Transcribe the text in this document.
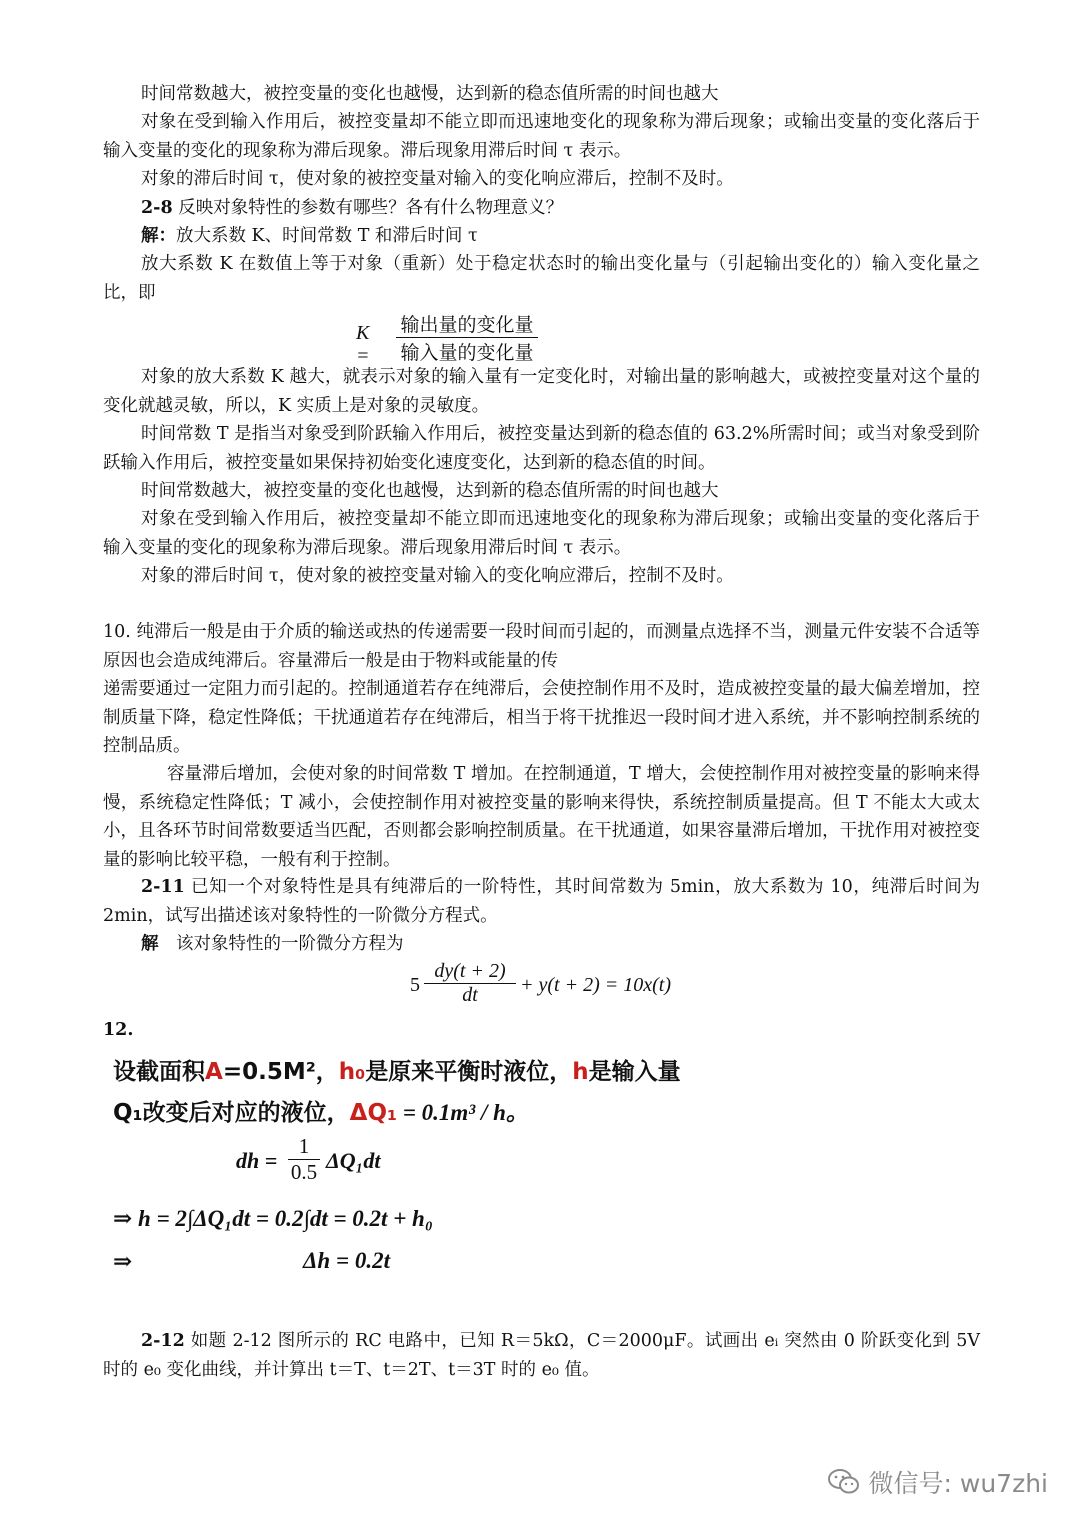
时间常数越大，被控变量的变化也越慢，达到新的稳态值所需的时间也越大

对象在受到输入作用后，被控变量却不能立即而迅速地变化的现象称为滞后现象；或输出变量的变化落后于输入变量的变化的现象称为滞后现象。滞后现象用滞后时间 τ 表示。

对象的滞后时间 τ，使对象的被控变量对输入的变化响应滞后，控制不及时。

2-8 反映对象特性的参数有哪些？各有什么物理意义？

解：放大系数 K、时间常数 T 和滞后时间 τ

放大系数 K 在数值上等于对象（重新）处于稳定状态时的输出变化量与（引起输出变化的）输入变化量之比，即

K =
输出量的变化量
输入量的变化量

对象的放大系数 K 越大，就表示对象的输入量有一定变化时，对输出量的影响越大，或被控变量对这个量的变化就越灵敏，所以，K 实质上是对象的灵敏度。

时间常数 T 是指当对象受到阶跃输入作用后，被控变量达到新的稳态值的 63.2%所需时间；或当对象受到阶跃输入作用后，被控变量如果保持初始变化速度变化，达到新的稳态值的时间。

时间常数越大，被控变量的变化也越慢，达到新的稳态值所需的时间也越大

对象在受到输入作用后，被控变量却不能立即而迅速地变化的现象称为滞后现象；或输出变量的变化落后于输入变量的变化的现象称为滞后现象。滞后现象用滞后时间 τ 表示。

对象的滞后时间 τ，使对象的被控变量对输入的变化响应滞后，控制不及时。

10. 纯滞后一般是由于介质的输送或热的传递需要一段时间而引起的，而测量点选择不当，测量元件安装不合适等原因也会造成纯滞后。容量滞后一般是由于物料或能量的传

递需要通过一定阻力而引起的。控制通道若存在纯滞后，会使控制作用不及时，造成被控变量的最大偏差增加，控制质量下降，稳定性降低；干扰通道若存在纯滞后，相当于将干扰推迟一段时间才进入系统，并不影响控制系统的控制品质。

容量滞后增加，会使对象的时间常数 T 增加。在控制通道，T 增大，会使控制作用对被控变量的影响来得慢，系统稳定性降低；T 减小，会使控制作用对被控变量的影响来得快，系统控制质量提高。但 T 不能太大或太小，且各环节时间常数要适当匹配，否则都会影响控制质量。在干扰通道，如果容量滞后增加，干扰作用对被控变量的影响比较平稳，一般有利于控制。

2-11 已知一个对象特性是具有纯滞后的一阶特性，其时间常数为 5min，放大系数为 10，纯滞后时间为 2min，试写出描述该对象特性的一阶微分方程式。

解　该对象特性的一阶微分方程为

$5 \frac{dy(t + 2)}{dt} + y(t + 2) = 10x(t)$

12.

设截面积A=0.5M²，h₀是原来平衡时液位，h是输入量
Q₁改变后对应的液位，ΔQ₁ = 0.1m³ / h。
dh =
1
0.5 ΔQ₁dt
⇒ h = 2∫ΔQ₁dt = 0.2∫dt = 0.2t + h₀
⇒	Δh = 0.2t

2-12 如题 2-12 图所示的 RC 电路中，已知 R＝5kΩ，C＝2000μF。试画出 eᵢ 突然由 0 阶跃变化到 5V 时的 e₀ 变化曲线，并计算出 t＝T、t＝2T、t＝3T 时的 e₀ 值。

微信号: wu7zhi
